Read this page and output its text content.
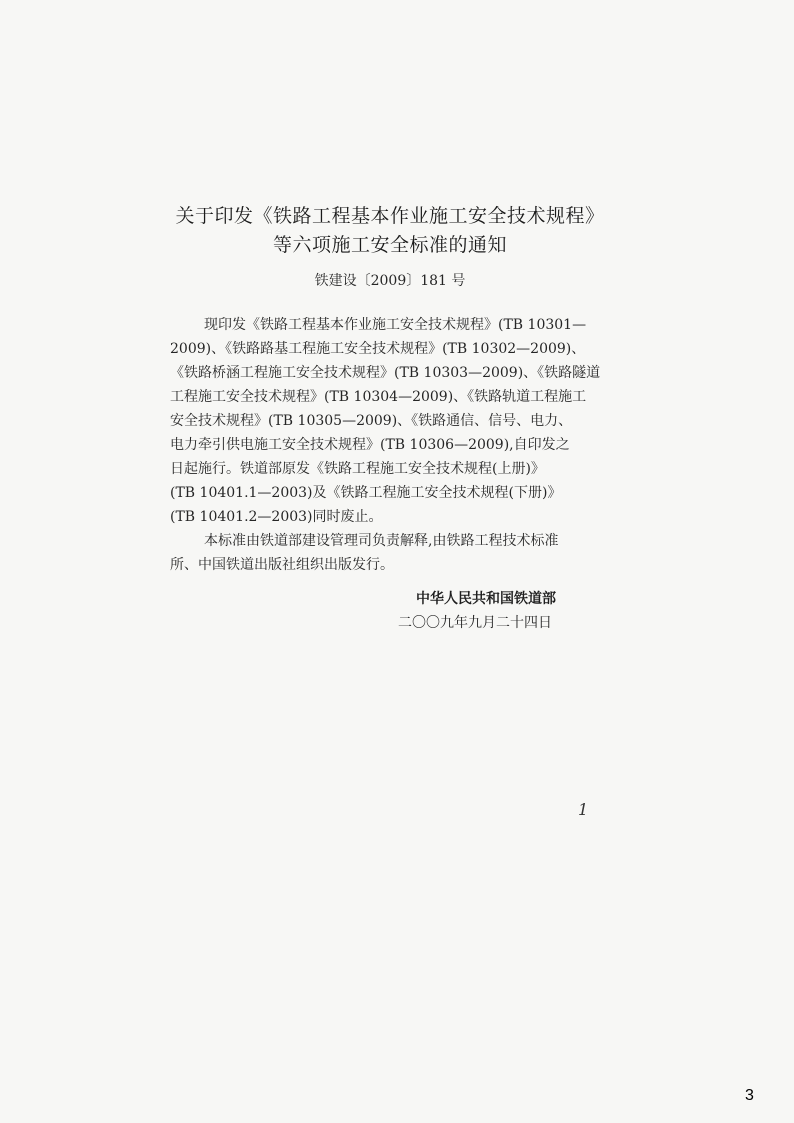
关于印发《铁路工程基本作业施工安全技术规程》
等六项施工安全标准的通知
铁建设〔2009〕181 号
现印发《铁路工程基本作业施工安全技术规程》(TB 10301—
2009)、《铁路路基工程施工安全技术规程》(TB 10302—2009)、
《铁路桥涵工程施工安全技术规程》(TB 10303—2009)、《铁路隧道
工程施工安全技术规程》(TB 10304—2009)、《铁路轨道工程施工
安全技术规程》(TB 10305—2009)、《铁路通信、信号、电力、
电力牵引供电施工安全技术规程》(TB 10306—2009),自印发之
日起施行。铁道部原发《铁路工程施工安全技术规程(上册)》
(TB 10401.1—2003)及《铁路工程施工安全技术规程(下册)》
(TB 10401.2—2003)同时废止。
本标准由铁道部建设管理司负责解释,由铁路工程技术标准
所、中国铁道出版社组织出版发行。
中华人民共和国铁道部
二〇〇九年九月二十四日
1
3
